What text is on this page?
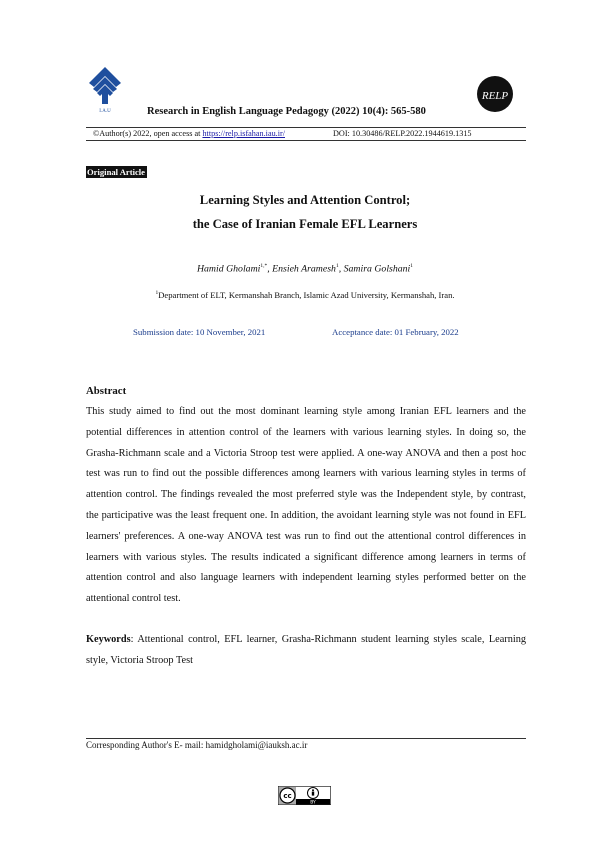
I.A.U	Research in English Language Pedagogy (2022) 10(4): 565-580
RELP
©Author(s) 2022, open access at https://relp.isfahan.iau.ir/	DOI: 10.30486/RELP.2022.1944619.1315
Original Article
Learning Styles and Attention Control;
the Case of Iranian Female EFL Learners
Hamid Gholami$^{1,*}$, Ensieh Aramesh$^1$, Samira Golshani$^1$
$^1$Department of ELT, Kermanshah Branch, Islamic Azad University, Kermanshah, Iran.
Submission date: 10 November, 2021	Acceptance date: 01 February, 2022
Abstract
This study aimed to find out the most dominant learning style among Iranian EFL learners and the potential differences in attention control of the learners with various learning styles. In doing so, the Grasha-Richmann scale and a Victoria Stroop test were applied. A one-way ANOVA and then a post hoc test was run to find out the possible differences among learners with various learning styles in terms of attention control. The findings revealed the most preferred style was the Independent style, by contrast, the participative was the least frequent one. In addition, the avoidant learning style was not found in EFL learners' preferences. A one-way ANOVA test was run to find out the attentional control differences in learners with various styles. The results indicated a significant difference among learners in terms of attention control and also language learners with independent learning styles performed better on the attentional control test.
Keywords: Attentional control, EFL learner, Grasha-Richmann student learning styles scale, Learning style, Victoria Stroop Test
Corresponding Author's E- mail: hamidgholami@iauksh.ac.ir
cc
BY
